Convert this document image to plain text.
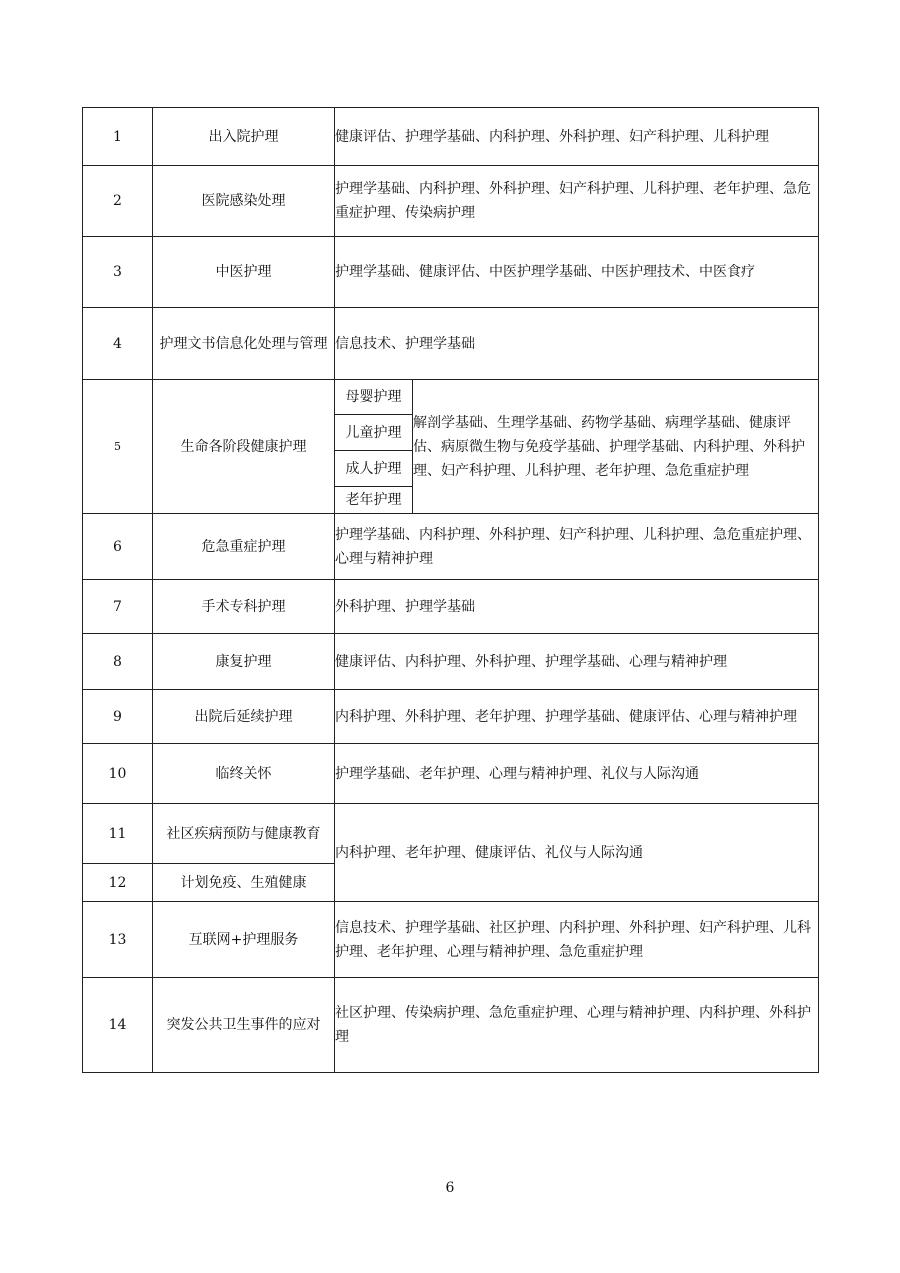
1	出入院护理	健康评估、护理学基础、内科护理、外科护理、妇产科护理、儿科护理	
2	医院感染处理	护理学基础、内科护理、外科护理、妇产科护理、儿科护理、老年护理、急危重症护理、传染病护理	
3	中医护理	护理学基础、健康评估、中医护理学基础、中医护理技术、中医食疗	
4	护理文书信息化处理与管理	信息技术、护理学基础	
5	生命各阶段健康护理	母婴护理	解剖学基础、生理学基础、药物学基础、病理学基础、健康评估、病原微生物与免疫学基础、护理学基础、内科护理、外科护理、妇产科护理、儿科护理、老年护理、急危重症护理
		儿童护理	
		成人护理	
		老年护理	
6	危急重症护理	护理学基础、内科护理、外科护理、妇产科护理、儿科护理、急危重症护理、心理与精神护理	
7	手术专科护理	外科护理、护理学基础	
8	康复护理	健康评估、内科护理、外科护理、护理学基础、心理与精神护理	
9	出院后延续护理	内科护理、外科护理、老年护理、护理学基础、健康评估、心理与精神护理	
10	临终关怀	护理学基础、老年护理、心理与精神护理、礼仪与人际沟通	
11	社区疾病预防与健康教育	内科护理、老年护理、健康评估、礼仪与人际沟通	
12	计划免疫、生殖健康		
13	互联网+护理服务	信息技术、护理学基础、社区护理、内科护理、外科护理、妇产科护理、儿科护理、老年护理、心理与精神护理、急危重症护理	
14	突发公共卫生事件的应对	社区护理、传染病护理、急危重症护理、心理与精神护理、内科护理、外科护理	
6
